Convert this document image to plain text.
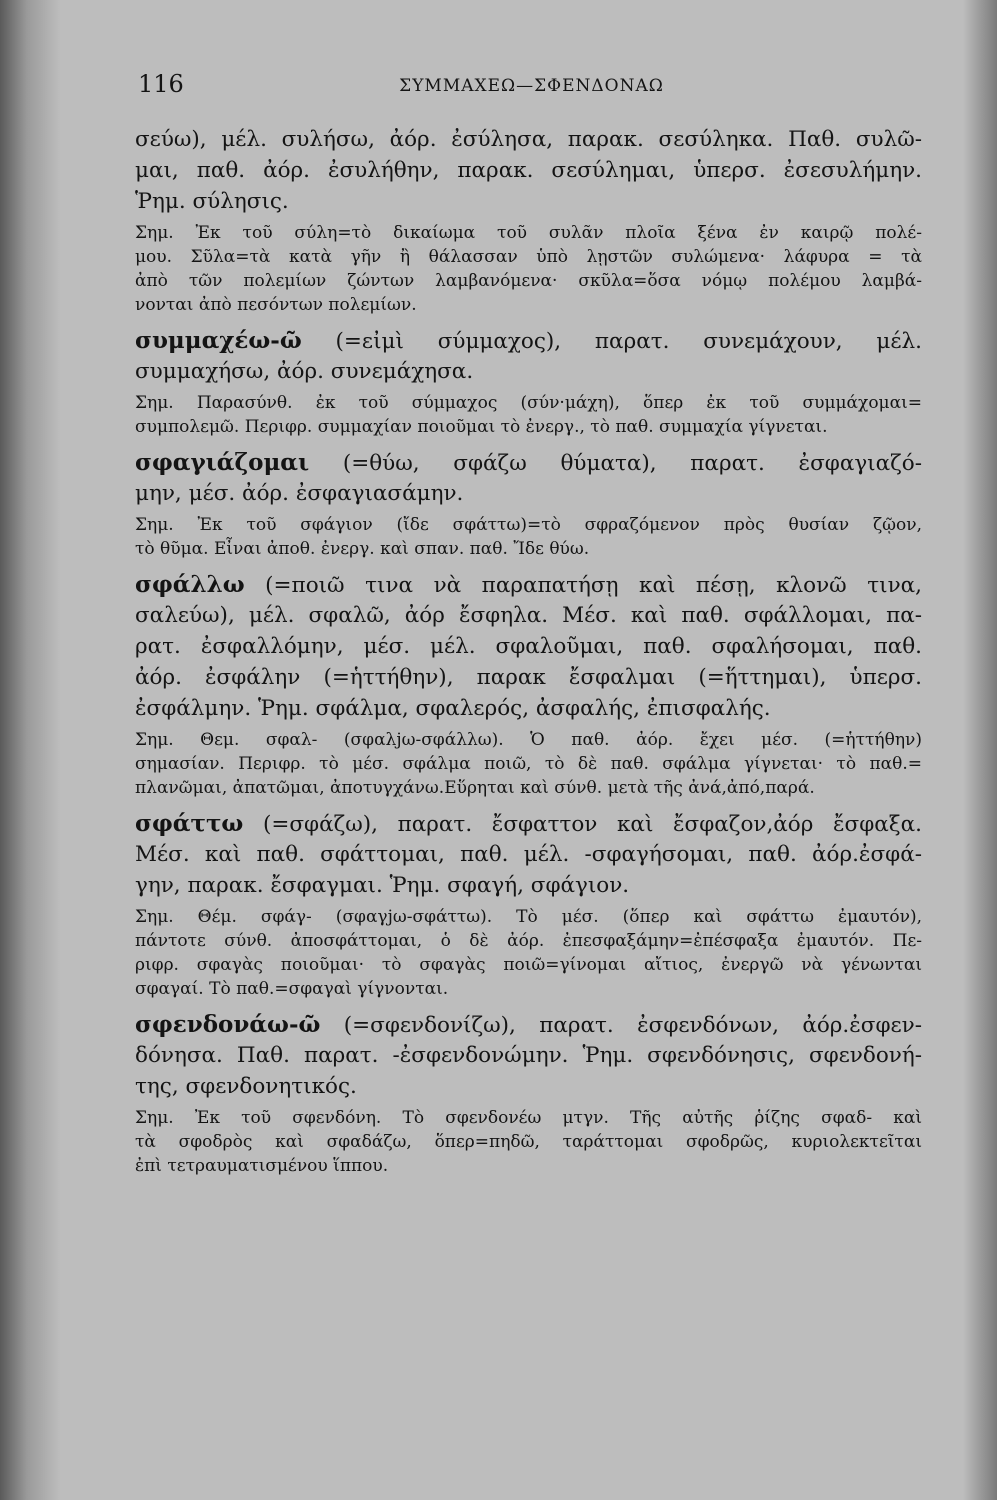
116	ΣΥΜΜΑΧΕΩ—ΣΦΕΝΔΟΝΑΩ
σεύω), μέλ. συλήσω, ἀόρ. ἐσύλησα, παρακ. σεσύληκα. Παθ. συλῶ-
μαι, παθ. ἀόρ. ἐσυλήθην, παρακ. σεσύλημαι, ὑπερσ. ἐσεσυλήμην.
Ῥημ. σύλησις.
Σημ. Ἐκ τοῦ σύλη=τὸ δικαίωμα τοῦ συλᾶν πλοῖα ξένα ἐν καιρῷ πολέ-
μου. Σῦλα=τὰ κατὰ γῆν ἢ θάλασσαν ὑπὸ λῃστῶν συλώμενα· λάφυρα = τὰ
ἀπὸ τῶν πολεμίων ζώντων λαμβανόμενα· σκῦλα=ὅσα νόμῳ πολέμου λαμβά-
νονται ἀπὸ πεσόντων πολεμίων.
συμμαχέω-ῶ (=εἰμὶ σύμμαχος), παρατ. συνεμάχουν, μέλ.
συμμαχήσω, ἀόρ. συνεμάχησα.
Σημ. Παρασύνθ. ἐκ τοῦ σύμμαχος (σύν·μάχη), ὅπερ ἐκ τοῦ συμμάχομαι=
συμπολεμῶ. Περιφρ. συμμαχίαν ποιοῦμαι τὸ ἐνεργ., τὸ παθ. συμμαχία γίγνεται.
σφαγιάζομαι (=θύω, σφάζω θύματα), παρατ. ἐσφαγιαζό-
μην, μέσ. ἀόρ. ἐσφαγιασάμην.
Σημ. Ἐκ τοῦ σφάγιον (ἴδε σφάττω)=τὸ σφραζόμενον πρὸς θυσίαν ζῷον,
τὸ θῦμα. Εἶναι ἀποθ. ἐνεργ. καὶ σπαν. παθ. Ἴδε θύω.
σφάλλω (=ποιῶ τινα νὰ παραπατήσῃ καὶ πέσῃ, κλονῶ τινα,
σαλεύω), μέλ. σφαλῶ, ἀόρ ἔσφηλα. Μέσ. καὶ παθ. σφάλλομαι, πα-
ρατ. ἐσφαλλόμην, μέσ. μέλ. σφαλοῦμαι, παθ. σφαλήσομαι, παθ.
ἀόρ. ἐσφάλην (=ἡττήθην), παρακ ἔσφαλμαι (=ἥττημαι), ὑπερσ.
ἐσφάλμην. Ῥημ. σφάλμα, σφαλερός, ἀσφαλής, ἐπισφαλής.
Σημ. Θεμ. σφαλ- (σφαλjω-σφάλλω). Ὁ παθ. ἀόρ. ἔχει μέσ. (=ἡττήθην)
σημασίαν. Περιφρ. τὸ μέσ. σφάλμα ποιῶ, τὸ δὲ παθ. σφάλμα γίγνεται· τὸ παθ.=
πλανῶμαι, ἀπατῶμαι, ἀποτυγχάνω.Εὕρηται καὶ σύνθ. μετὰ τῆς ἀνά,ἀπό,παρά.
σφάττω (=σφάζω), παρατ. ἔσφαττον καὶ ἔσφαζον,ἀόρ ἔσφαξα.
Μέσ. καὶ παθ. σφάττομαι, παθ. μέλ. -σφαγήσομαι, παθ. ἀόρ.ἐσφά-
γην, παρακ. ἔσφαγμαι. Ῥημ. σφαγή, σφάγιον.
Σημ. Θέμ. σφάγ- (σφαγjω-σφάττω). Τὸ μέσ. (ὅπερ καὶ σφάττω ἐμαυτόν),
πάντοτε σύνθ. ἀποσφάττομαι, ὁ δὲ ἀόρ. ἐπεσφαξάμην=ἐπέσφαξα ἐμαυτόν. Πε-
ριφρ. σφαγὰς ποιοῦμαι· τὸ σφαγὰς ποιῶ=γίνομαι αἴτιος, ἐνεργῶ νὰ γένωνται
σφαγαί. Τὸ παθ.=σφαγαὶ γίγνονται.
σφενδονάω-ῶ (=σφενδονίζω), παρατ. ἐσφενδόνων, ἀόρ.ἐσφεν-
δόνησα. Παθ. παρατ. -ἐσφενδονώμην. Ῥημ. σφενδόνησις, σφενδονή-
της, σφενδονητικός.
Σημ. Ἐκ τοῦ σφενδόνη. Τὸ σφενδονέω μτγν. Τῆς αὐτῆς ῥίζης σφαδ- καὶ
τὰ σφοδρὸς καὶ σφαδάζω, ὅπερ=πηδῶ, ταράττομαι σφοδρῶς, κυριολεκτεῖται
ἐπὶ τετραυματισμένου ἵππου.
